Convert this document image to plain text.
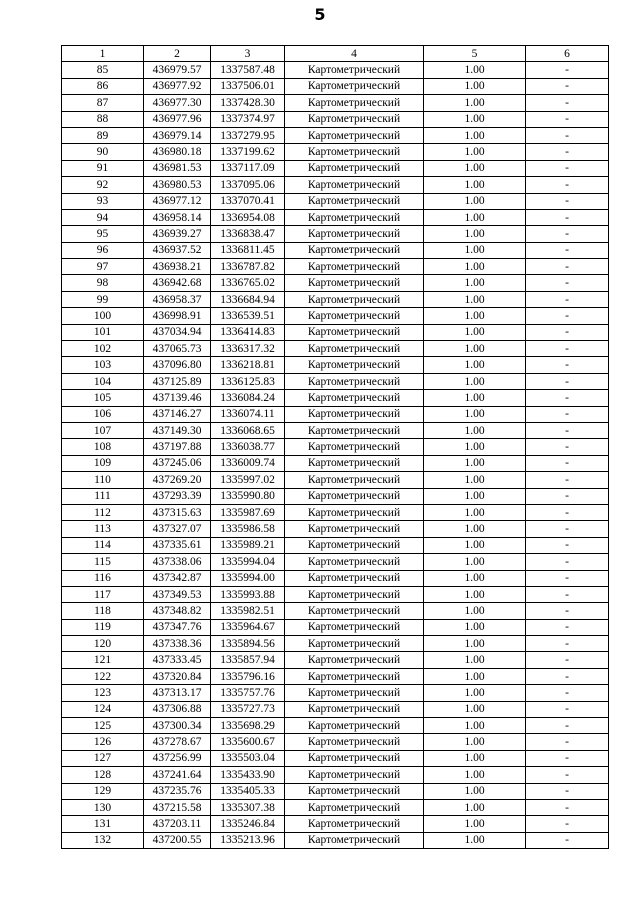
5
1	2	3	4	5	6
85	436979.57	1337587.48	Картометрический	1.00	-
86	436977.92	1337506.01	Картометрический	1.00	-
87	436977.30	1337428.30	Картометрический	1.00	-
88	436977.96	1337374.97	Картометрический	1.00	-
89	436979.14	1337279.95	Картометрический	1.00	-
90	436980.18	1337199.62	Картометрический	1.00	-
91	436981.53	1337117.09	Картометрический	1.00	-
92	436980.53	1337095.06	Картометрический	1.00	-
93	436977.12	1337070.41	Картометрический	1.00	-
94	436958.14	1336954.08	Картометрический	1.00	-
95	436939.27	1336838.47	Картометрический	1.00	-
96	436937.52	1336811.45	Картометрический	1.00	-
97	436938.21	1336787.82	Картометрический	1.00	-
98	436942.68	1336765.02	Картометрический	1.00	-
99	436958.37	1336684.94	Картометрический	1.00	-
100	436998.91	1336539.51	Картометрический	1.00	-
101	437034.94	1336414.83	Картометрический	1.00	-
102	437065.73	1336317.32	Картометрический	1.00	-
103	437096.80	1336218.81	Картометрический	1.00	-
104	437125.89	1336125.83	Картометрический	1.00	-
105	437139.46	1336084.24	Картометрический	1.00	-
106	437146.27	1336074.11	Картометрический	1.00	-
107	437149.30	1336068.65	Картометрический	1.00	-
108	437197.88	1336038.77	Картометрический	1.00	-
109	437245.06	1336009.74	Картометрический	1.00	-
110	437269.20	1335997.02	Картометрический	1.00	-
111	437293.39	1335990.80	Картометрический	1.00	-
112	437315.63	1335987.69	Картометрический	1.00	-
113	437327.07	1335986.58	Картометрический	1.00	-
114	437335.61	1335989.21	Картометрический	1.00	-
115	437338.06	1335994.04	Картометрический	1.00	-
116	437342.87	1335994.00	Картометрический	1.00	-
117	437349.53	1335993.88	Картометрический	1.00	-
118	437348.82	1335982.51	Картометрический	1.00	-
119	437347.76	1335964.67	Картометрический	1.00	-
120	437338.36	1335894.56	Картометрический	1.00	-
121	437333.45	1335857.94	Картометрический	1.00	-
122	437320.84	1335796.16	Картометрический	1.00	-
123	437313.17	1335757.76	Картометрический	1.00	-
124	437306.88	1335727.73	Картометрический	1.00	-
125	437300.34	1335698.29	Картометрический	1.00	-
126	437278.67	1335600.67	Картометрический	1.00	-
127	437256.99	1335503.04	Картометрический	1.00	-
128	437241.64	1335433.90	Картометрический	1.00	-
129	437235.76	1335405.33	Картометрический	1.00	-
130	437215.58	1335307.38	Картометрический	1.00	-
131	437203.11	1335246.84	Картометрический	1.00	-
132	437200.55	1335213.96	Картометрический	1.00	-
